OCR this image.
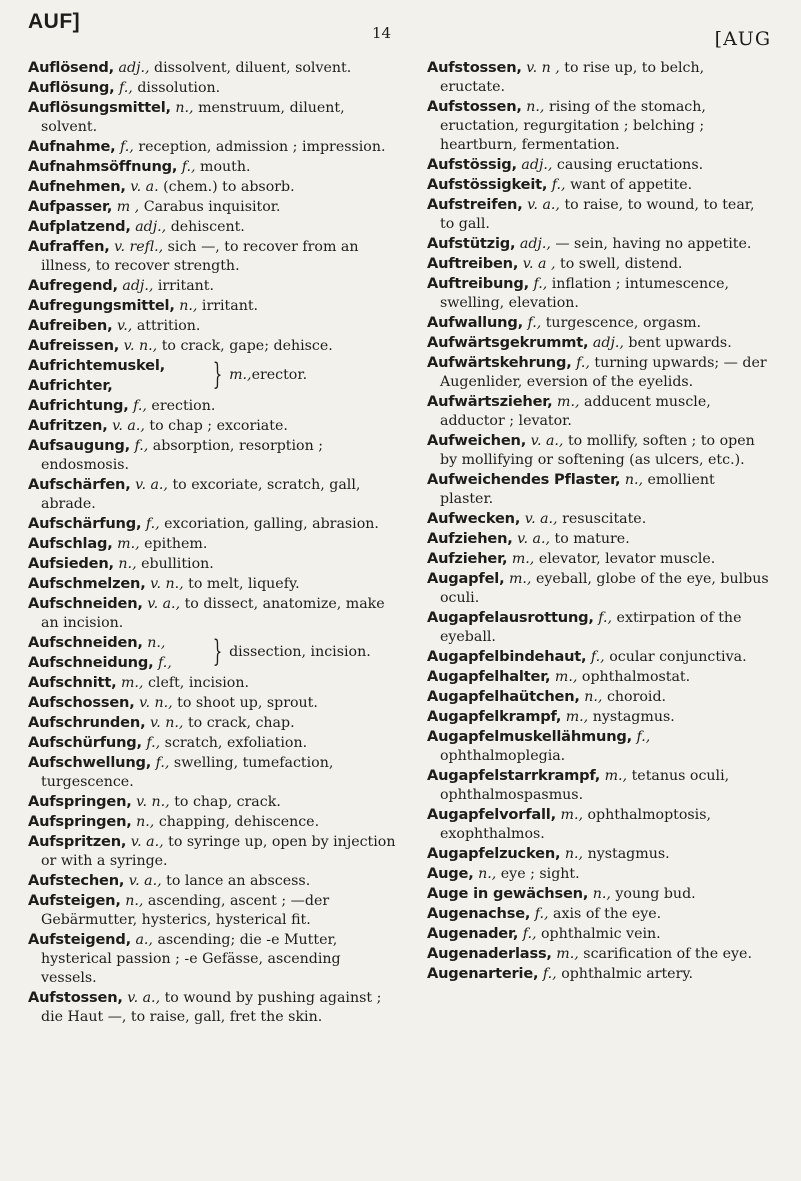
AUF]	14	[AUG

Auflösend, adj., dissolvent, diluent, solvent.

Auflösung, f., dissolution.

Auflösungsmittel, n., menstruum, diluent, solvent.

Aufnahme, f., reception, admission ; impression.

Aufnahmsöffnung, f., mouth.

Aufnehmen, v. a. (chem.) to absorb.

Aufpasser, m , Carabus inquisitor.

Aufplatzend, adj., dehiscent.

Aufraffen, v. refl., sich —, to recover from an illness, to recover strength.

Aufregend, adj., irritant.

Aufregungsmittel, n., irritant.

Aufreiben, v., attrition.

Aufreissen, v. n., to crack, gape; dehisce.

Aufrichtemuskel,
Aufrichter,	} m., erector.

Aufrichtung, f., erection.

Aufritzen, v. a., to chap ; excoriate.

Aufsaugung, f., absorption, resorption ; endosmosis.

Aufschärfen, v. a., to excoriate, scratch, gall, abrade.

Aufschärfung, f., excoriation, galling, abrasion.

Aufschlag, m., epithem.

Aufsieden, n., ebullition.

Aufschmelzen, v. n., to melt, liquefy.

Aufschneiden, v. a., to dissect, anatomize, make an incision.

Aufschneiden, n.,
Aufschneidung, f.,	} dissection, incision.

Aufschnitt, m., cleft, incision.

Aufschossen, v. n., to shoot up, sprout.

Aufschrunden, v. n., to crack, chap.

Aufschürfung, f., scratch, exfoliation.

Aufschwellung, f., swelling, tumefaction, turgescence.

Aufspringen, v. n., to chap, crack.

Aufspringen, n., chapping, dehiscence.

Aufspritzen, v. a., to syringe up, open by injection or with a syringe.

Aufstechen, v. a., to lance an abscess.

Aufsteigen, n., ascending, ascent ; —der Gebärmutter, hysterics, hysterical fit.

Aufsteigend, a., ascending; die -e Mutter, hysterical passion ; -e Gefässe, ascending vessels.

Aufstossen, v. a., to wound by pushing against ; die Haut —, to raise, gall, fret the skin.

Aufstossen, v. n , to rise up, to belch, eructate.

Aufstossen, n., rising of the stomach, eructation, regurgitation ; belching ; heartburn, fermentation.

Aufstössig, adj., causing eructations.

Aufstössigkeit, f., want of appetite.

Aufstreifen, v. a., to raise, to wound, to tear, to gall.

Aufstützig, adj., — sein, having no appetite.

Auftreiben, v. a , to swell, distend.

Auftreibung, f., inflation ; intumescence, swelling, elevation.

Aufwallung, f., turgescence, orgasm.

Aufwärtsgekrummt, adj., bent upwards.

Aufwärtskehrung, f., turning upwards; — der Augenlider, eversion of the eyelids.

Aufwärtszieher, m., adducent muscle, adductor ; levator.

Aufweichen, v. a., to mollify, soften ; to open by mollifying or softening (as ulcers, etc.).

Aufweichendes Pflaster, n., emollient plaster.

Aufwecken, v. a., resuscitate.

Aufziehen, v. a., to mature.

Aufzieher, m., elevator, levator muscle.

Augapfel, m., eyeball, globe of the eye, bulbus oculi.

Augapfelausrottung, f., extirpation of the eyeball.

Augapfelbindehaut, f., ocular conjunctiva.

Augapfelhalter, m., ophthalmostat.

Augapfelhaütchen, n., choroid.

Augapfelkrampf, m., nystagmus.

Augapfelmuskellähmung, f., ophthalmoplegia.

Augapfelstarrkrampf, m., tetanus oculi, ophthalmospasmus.

Augapfelvorfall, m., ophthalmoptosis, exophthalmos.

Augapfelzucken, n., nystagmus.

Auge, n., eye ; sight.

Auge in gewächsen, n., young bud.

Augenachse, f., axis of the eye.

Augenader, f., ophthalmic vein.

Augenaderlass, m., scarification of the eye.

Augenarterie, f., ophthalmic artery.
